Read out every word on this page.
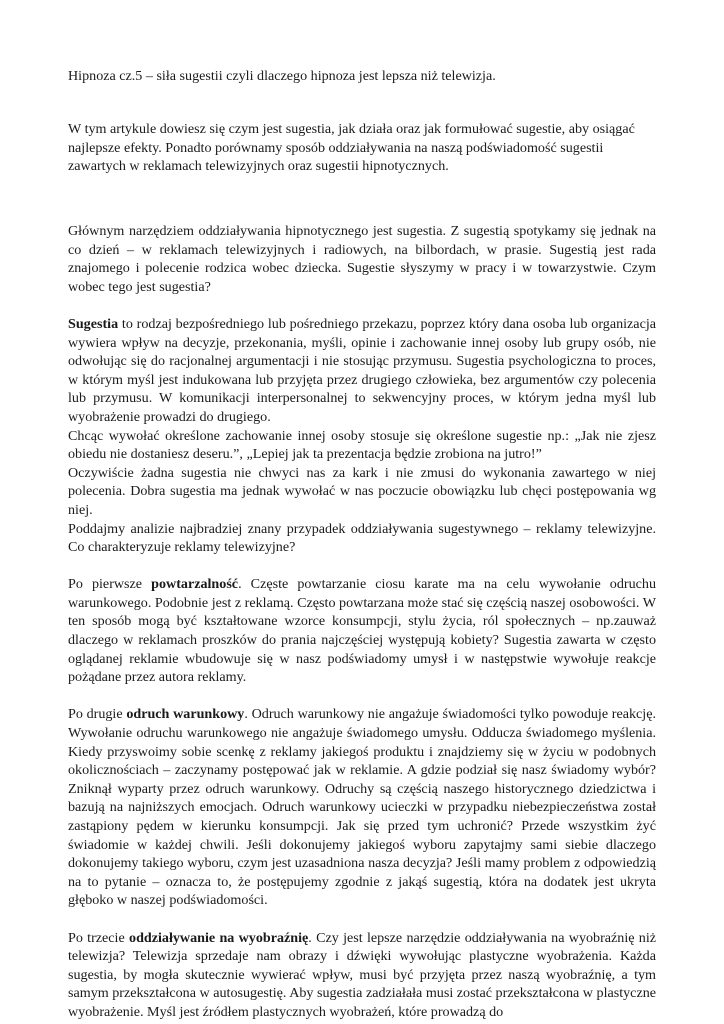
Hipnoza cz.5 – siła sugestii czyli dlaczego hipnoza jest lepsza niż telewizja.

W tym artykule dowiesz się czym jest sugestia, jak działa oraz jak formułować sugestie, aby osiągać najlepsze efekty. Ponadto porównamy sposób oddziaływania na naszą podświadomość sugestii zawartych w reklamach telewizyjnych oraz sugestii hipnotycznych.

Głównym narzędziem oddziaływania hipnotycznego jest sugestia. Z sugestią spotykamy się jednak na co dzień – w reklamach telewizyjnych i radiowych, na bilbordach, w prasie. Sugestią jest rada znajomego i polecenie rodzica wobec dziecka. Sugestie słyszymy w pracy i w towarzystwie. Czym wobec tego jest sugestia?

Sugestia to rodzaj bezpośredniego lub pośredniego przekazu, poprzez który dana osoba lub organizacja wywiera wpływ na decyzje, przekonania, myśli, opinie i zachowanie innej osoby lub grupy osób, nie odwołując się do racjonalnej argumentacji i nie stosując przymusu. Sugestia psychologiczna to proces, w którym myśl jest indukowana lub przyjęta przez drugiego człowieka, bez argumentów czy polecenia lub przymusu. W komunikacji interpersonalnej to sekwencyjny proces, w którym jedna myśl lub wyobrażenie prowadzi do drugiego.

Chcąc wywołać określone zachowanie innej osoby stosuje się określone sugestie np.: „Jak nie zjesz obiedu nie dostaniesz deseru.”, „Lepiej jak ta prezentacja będzie zrobiona na jutro!”

Oczywiście żadna sugestia nie chwyci nas za kark i nie zmusi do wykonania zawartego w niej polecenia. Dobra sugestia ma jednak wywołać w nas poczucie obowiązku lub chęci postępowania wg niej.

Poddajmy analizie najbradziej znany przypadek oddziaływania sugestywnego – reklamy telewizyjne. Co charakteryzuje reklamy telewizyjne?

Po pierwsze powtarzalność. Częste powtarzanie ciosu karate ma na celu wywołanie odruchu warunkowego. Podobnie jest z reklamą. Często powtarzana może stać się częścią naszej osobowości. W ten sposób mogą być kształtowane wzorce konsumpcji, stylu życia, ról społecznych – np.zauważ dlaczego w reklamach proszków do prania najczęściej występują kobiety? Sugestia zawarta w często oglądanej reklamie wbudowuje się w nasz podświadomy umysł i w następstwie wywołuje reakcje pożądane przez autora reklamy.

Po drugie odruch warunkowy. Odruch warunkowy nie angażuje świadomości tylko powoduje reakcję. Wywołanie odruchu warunkowego nie angażuje świadomego umysłu. Odducza świadomego myślenia. Kiedy przyswoimy sobie scenkę z reklamy jakiegoś produktu i znajdziemy się w życiu w podobnych okolicznościach – zaczynamy postępować jak w reklamie. A gdzie podział się nasz świadomy wybór? Zniknął wyparty przez odruch warunkowy. Odruchy są częścią naszego historycznego dziedzictwa i bazują na najniższych emocjach. Odruch warunkowy ucieczki w przypadku niebezpieczeństwa został zastąpiony pędem w kierunku konsumpcji. Jak się przed tym uchronić? Przede wszystkim żyć świadomie w każdej chwili. Jeśli dokonujemy jakiegoś wyboru zapytajmy sami siebie dlaczego dokonujemy takiego wyboru, czym jest uzasadniona nasza decyzja? Jeśli mamy problem z odpowiedzią na to pytanie – oznacza to, że postępujemy zgodnie z jakąś sugestią, która na dodatek jest ukryta głęboko w naszej podświadomości.

Po trzecie oddziaływanie na wyobraźnię. Czy jest lepsze narzędzie oddziaływania na wyobraźnię niż telewizja? Telewizja sprzedaje nam obrazy i dźwięki wywołując plastyczne wyobrażenia. Każda sugestia, by mogła skutecznie wywierać wpływ, musi być przyjęta przez naszą wyobraźnię, a tym samym przekształcona w autosugestię. Aby sugestia zadziałała musi zostać przekształcona w plastyczne wyobrażenie. Myśl jest źródłem plastycznych wyobrażeń, które prowadzą do
